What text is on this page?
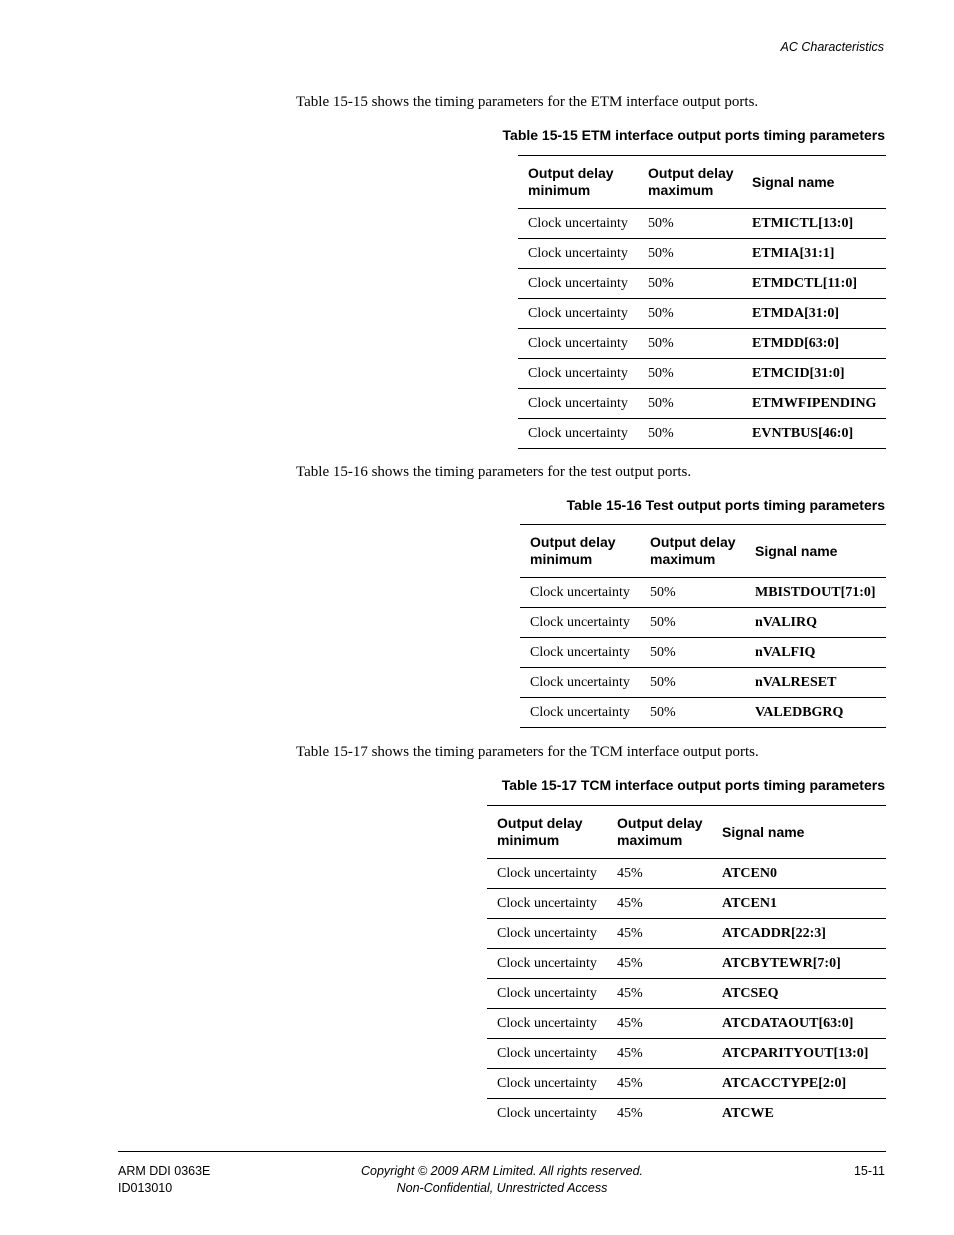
AC Characteristics
Table 15-15 shows the timing parameters for the ETM interface output ports.
Table 15-15 ETM interface output ports timing parameters
Output delay minimum	Output delay maximum	Signal name
Clock uncertainty	50%	ETMICTL[13:0]
Clock uncertainty	50%	ETMIA[31:1]
Clock uncertainty	50%	ETMDCTL[11:0]
Clock uncertainty	50%	ETMDA[31:0]
Clock uncertainty	50%	ETMDD[63:0]
Clock uncertainty	50%	ETMCID[31:0]
Clock uncertainty	50%	ETMWFIPENDING
Clock uncertainty	50%	EVNTBUS[46:0]
Table 15-16 shows the timing parameters for the test output ports.
Table 15-16 Test output ports timing parameters
Output delay minimum	Output delay maximum	Signal name
Clock uncertainty	50%	MBISTDOUT[71:0]
Clock uncertainty	50%	nVALIRQ
Clock uncertainty	50%	nVALFIQ
Clock uncertainty	50%	nVALRESET
Clock uncertainty	50%	VALEDBGRQ
Table 15-17 shows the timing parameters for the TCM interface output ports.
Table 15-17 TCM interface output ports timing parameters
Output delay minimum	Output delay maximum	Signal name
Clock uncertainty	45%	ATCEN0
Clock uncertainty	45%	ATCEN1
Clock uncertainty	45%	ATCADDR[22:3]
Clock uncertainty	45%	ATCBYTEWR[7:0]
Clock uncertainty	45%	ATCSEQ
Clock uncertainty	45%	ATCDATAOUT[63:0]
Clock uncertainty	45%	ATCPARITYOUT[13:0]
Clock uncertainty	45%	ATCACCTYPE[2:0]
Clock uncertainty	45%	ATCWE
ARM DDI 0363E
ID013010
Copyright © 2009 ARM Limited. All rights reserved.
Non-Confidential, Unrestricted Access
15-11
